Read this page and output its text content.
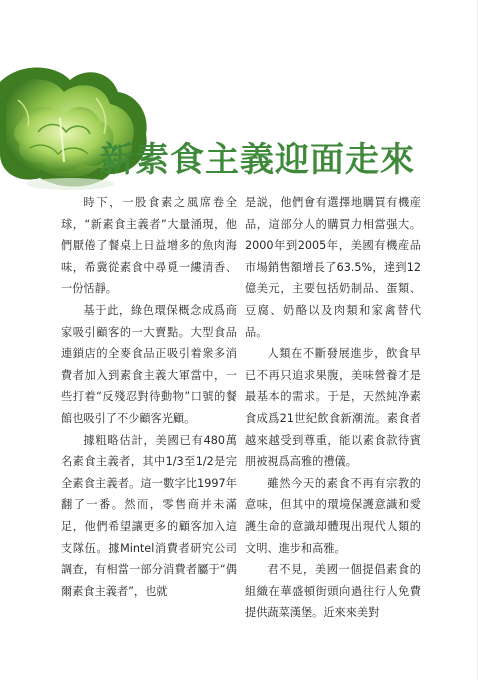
新素食主義迎面走來

時下，一股食素之風席卷全球，“新素食主義者”大量涌現，他們厭倦了餐桌上日益增多的魚肉海味，希冀從素食中尋覓一縷清香、一份恬靜。

基于此，綠色環保概念成爲商家吸引顧客的一大賣點。大型食品連鎖店的全麥食品正吸引着衆多消費者加入到素食主義大軍當中，一些打着“反殘忍對待動物”口號的餐館也吸引了不少顧客光顧。

據粗略估計，美國已有480萬名素食主義者，其中1/3至1/2是完全素食主義者。這一數字比1997年翻了一番。然而，零售商并未滿足，他們希望讓更多的顧客加入這支隊伍。據Mintel消費者研究公司調查，有相當一部分消費者屬于“偶爾素食主義者”，也就

是説，他們會有選擇地購買有機産品，這部分人的購買力相當强大。2000年到2005年，美國有機産品市場銷售額增長了63.5%，達到12億美元，主要包括奶制品、蛋類、豆腐、奶酪以及肉類和家禽替代品。

人類在不斷發展進步，飲食早已不再只追求果腹，美味營養才是最基本的需求。于是，天然純净素食成爲21世紀飲食新潮流。素食者越來越受到尊重，能以素食款待賓朋被視爲高雅的禮儀。

雖然今天的素食不再有宗教的意味，但其中的環境保護意識和愛護生命的意識却體現出現代人類的文明、進步和高雅。

君不見，美國一個提倡素食的組織在華盛頓街頭向過往行人免費提供蔬菜漢堡。近來來美對
